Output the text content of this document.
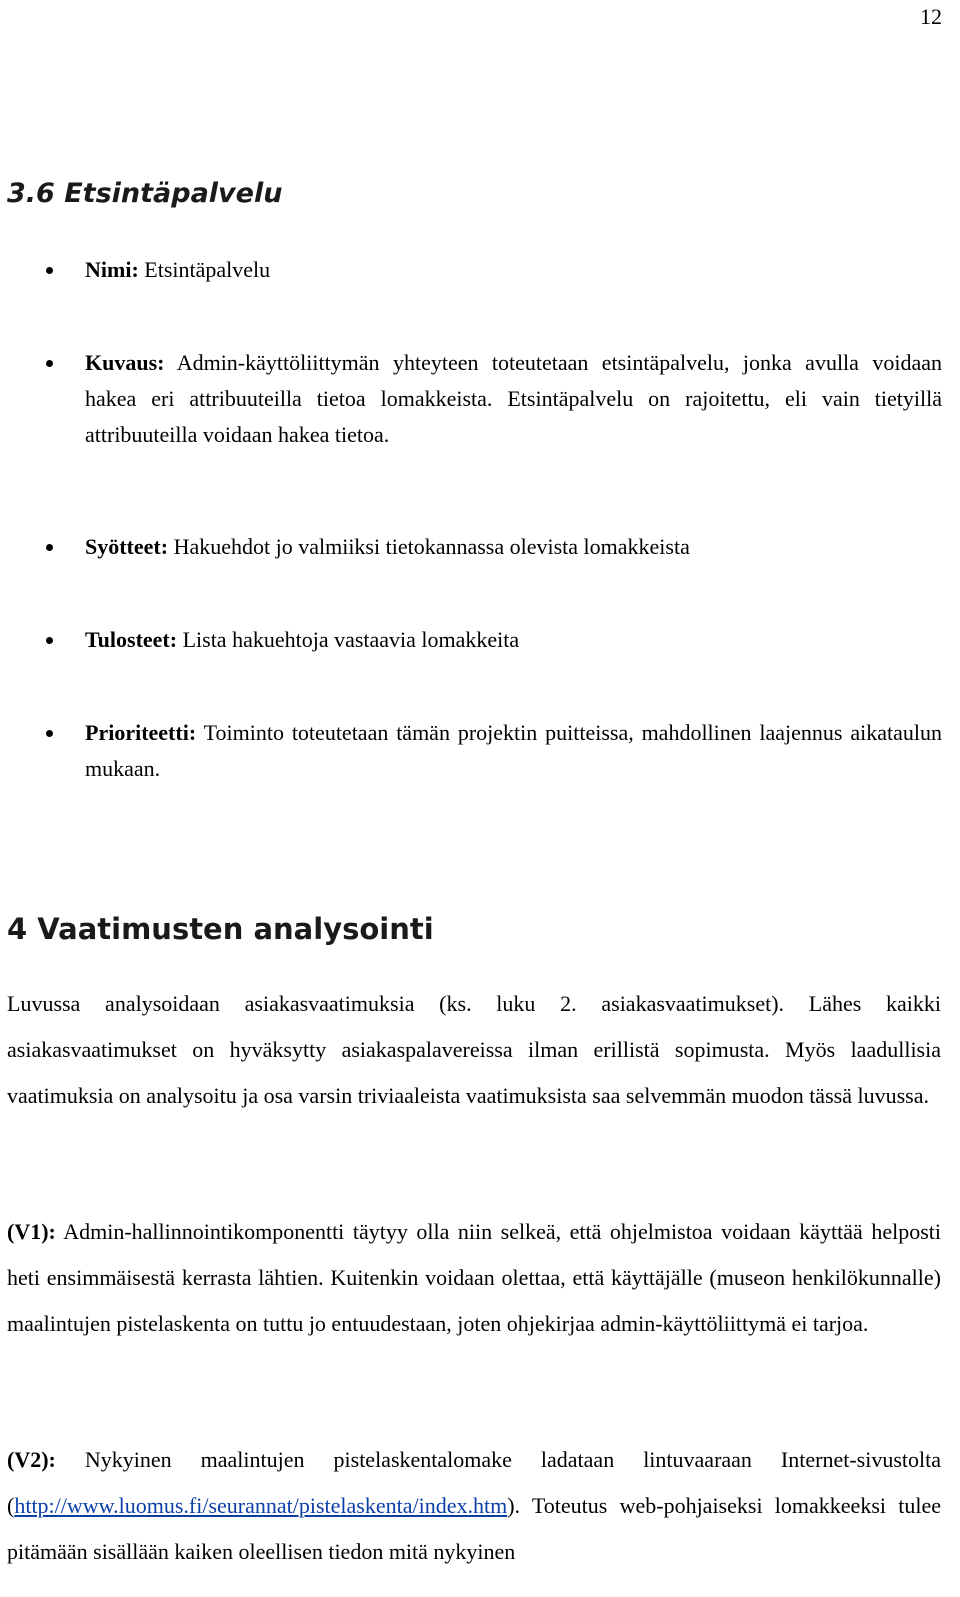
12
3.6 Etsintäpalvelu
Nimi: Etsintäpalvelu
Kuvaus: Admin-käyttöliittymän yhteyteen toteutetaan etsintäpalvelu, jonka avulla voidaan hakea eri attribuuteilla tietoa lomakkeista. Etsintäpalvelu on rajoitettu, eli vain tietyillä attribuuteilla voidaan hakea tietoa.
Syötteet: Hakuehdot jo valmiiksi tietokannassa olevista lomakkeista
Tulosteet: Lista hakuehtoja vastaavia lomakkeita
Prioriteetti: Toiminto toteutetaan tämän projektin puitteissa, mahdollinen laajennus aikataulun mukaan.
4 Vaatimusten analysointi

Luvussa analysoidaan asiakasvaatimuksia (ks. luku 2. asiakasvaatimukset). Lähes kaikki asiakasvaatimukset on hyväksytty asiakaspalavereissa ilman erillistä sopimusta. Myös laadullisia vaatimuksia on analysoitu ja osa varsin triviaaleista vaatimuksista saa selvemmän muodon tässä luvussa.

(V1): Admin-hallinnointikomponentti täytyy olla niin selkeä, että ohjelmistoa voidaan käyttää helposti heti ensimmäisestä kerrasta lähtien. Kuitenkin voidaan olettaa, että käyttäjälle (museon henkilökunnalle) maalintujen pistelaskenta on tuttu jo entuudestaan, joten ohjekirjaa admin-käyttöliittymä ei tarjoa.

(V2): Nykyinen maalintujen pistelaskentalomake ladataan lintuvaaraan Internet-sivustolta (http://www.luomus.fi/seurannat/pistelaskenta/index.htm). Toteutus web-pohjaiseksi lomakkeeksi tulee pitämään sisällään kaiken oleellisen tiedon mitä nykyinen
